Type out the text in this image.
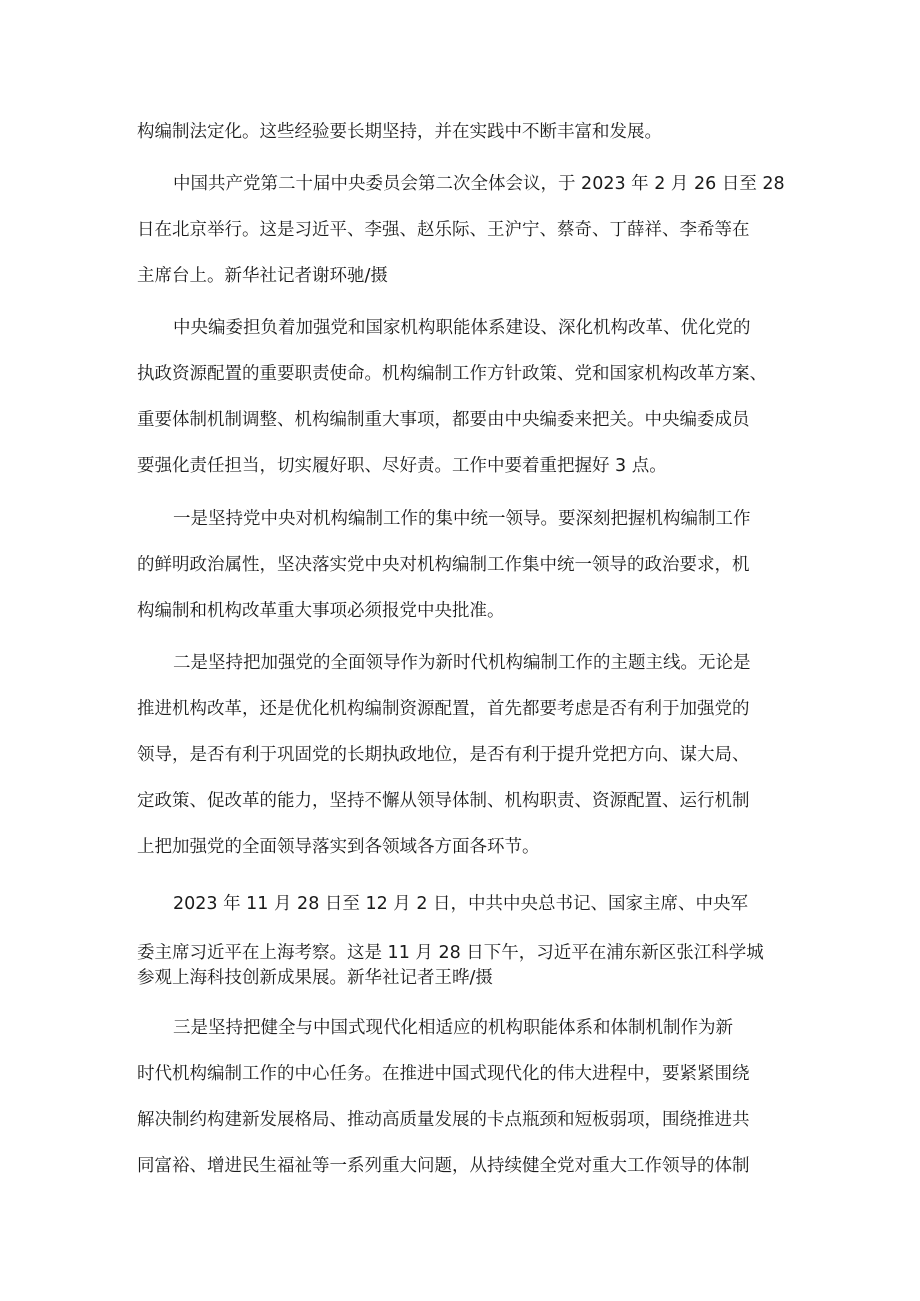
构编制法定化。这些经验要长期坚持，并在实践中不断丰富和发展。

中国共产党第二十届中央委员会第二次全体会议，于 2023 年 2 月 26 日至 28

日在北京举行。这是习近平、李强、赵乐际、王沪宁、蔡奇、丁薛祥、李希等在

主席台上。新华社记者谢环驰/摄

中央编委担负着加强党和国家机构职能体系建设、深化机构改革、优化党的

执政资源配置的重要职责使命。机构编制工作方针政策、党和国家机构改革方案、

重要体制机制调整、机构编制重大事项，都要由中央编委来把关。中央编委成员

要强化责任担当，切实履好职、尽好责。工作中要着重把握好 3 点。

一是坚持党中央对机构编制工作的集中统一领导。要深刻把握机构编制工作

的鲜明政治属性，坚决落实党中央对机构编制工作集中统一领导的政治要求，机

构编制和机构改革重大事项必须报党中央批准。

二是坚持把加强党的全面领导作为新时代机构编制工作的主题主线。无论是

推进机构改革，还是优化机构编制资源配置，首先都要考虑是否有利于加强党的

领导，是否有利于巩固党的长期执政地位，是否有利于提升党把方向、谋大局、

定政策、促改革的能力，坚持不懈从领导体制、机构职责、资源配置、运行机制

上把加强党的全面领导落实到各领域各方面各环节。

2023 年 11 月 28 日至 12 月 2 日，中共中央总书记、国家主席、中央军

委主席习近平在上海考察。这是 11 月 28 日下午，习近平在浦东新区张江科学城

参观上海科技创新成果展。新华社记者王晔/摄

三是坚持把健全与中国式现代化相适应的机构职能体系和体制机制作为新

时代机构编制工作的中心任务。在推进中国式现代化的伟大进程中，要紧紧围绕

解决制约构建新发展格局、推动高质量发展的卡点瓶颈和短板弱项，围绕推进共

同富裕、增进民生福祉等一系列重大问题，从持续健全党对重大工作领导的体制
